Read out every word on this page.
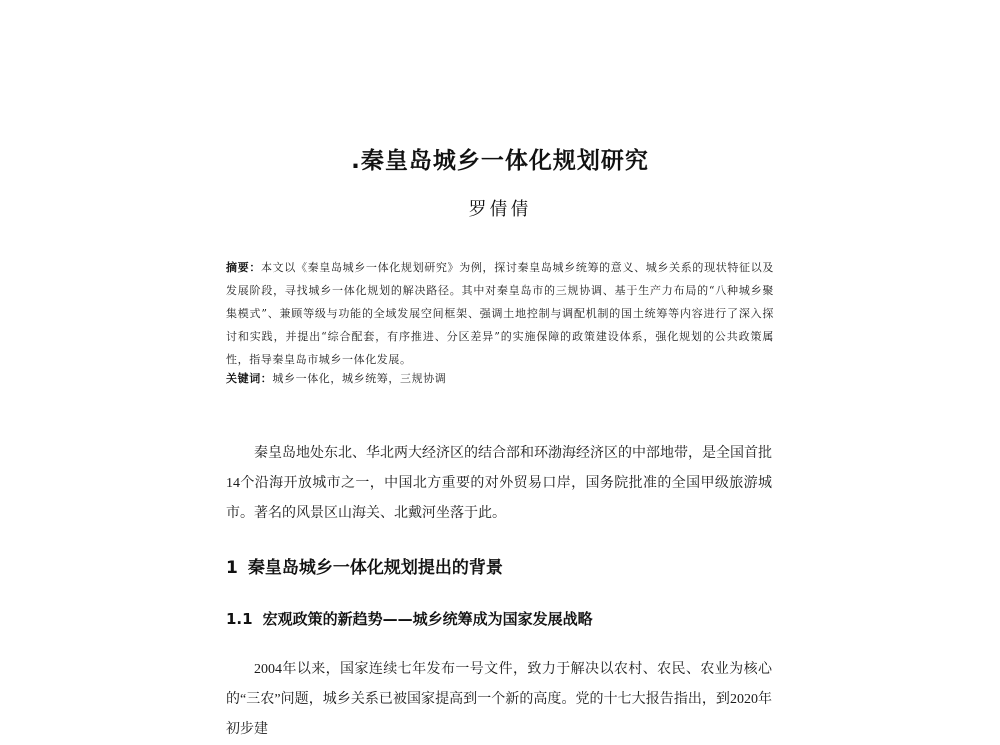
.秦皇岛城乡一体化规划研究
罗倩倩
摘要：本文以《秦皇岛城乡一体化规划研究》为例，探讨秦皇岛城乡统筹的意义、城乡关系的现状特征以及发展阶段，寻找城乡一体化规划的解决路径。其中对秦皇岛市的三规协调、基于生产力布局的“八种城乡聚集模式”、兼顾等级与功能的全域发展空间框架、强调土地控制与调配机制的国土统筹等内容进行了深入探讨和实践，并提出“综合配套，有序推进、分区差异”的实施保障的政策建设体系，强化规划的公共政策属性，指导秦皇岛市城乡一体化发展。
关键词：城乡一体化，城乡统筹，三规协调
秦皇岛地处东北、华北两大经济区的结合部和环渤海经济区的中部地带，是全国首批14个沿海开放城市之一，中国北方重要的对外贸易口岸，国务院批准的全国甲级旅游城市。著名的风景区山海关、北戴河坐落于此。
1 秦皇岛城乡一体化规划提出的背景
1.1 宏观政策的新趋势——城乡统筹成为国家发展战略
2004年以来，国家连续七年发布一号文件，致力于解决以农村、农民、农业为核心的“三农”问题，城乡关系已被国家提高到一个新的高度。党的十七大报告指出，到2020年初步建
